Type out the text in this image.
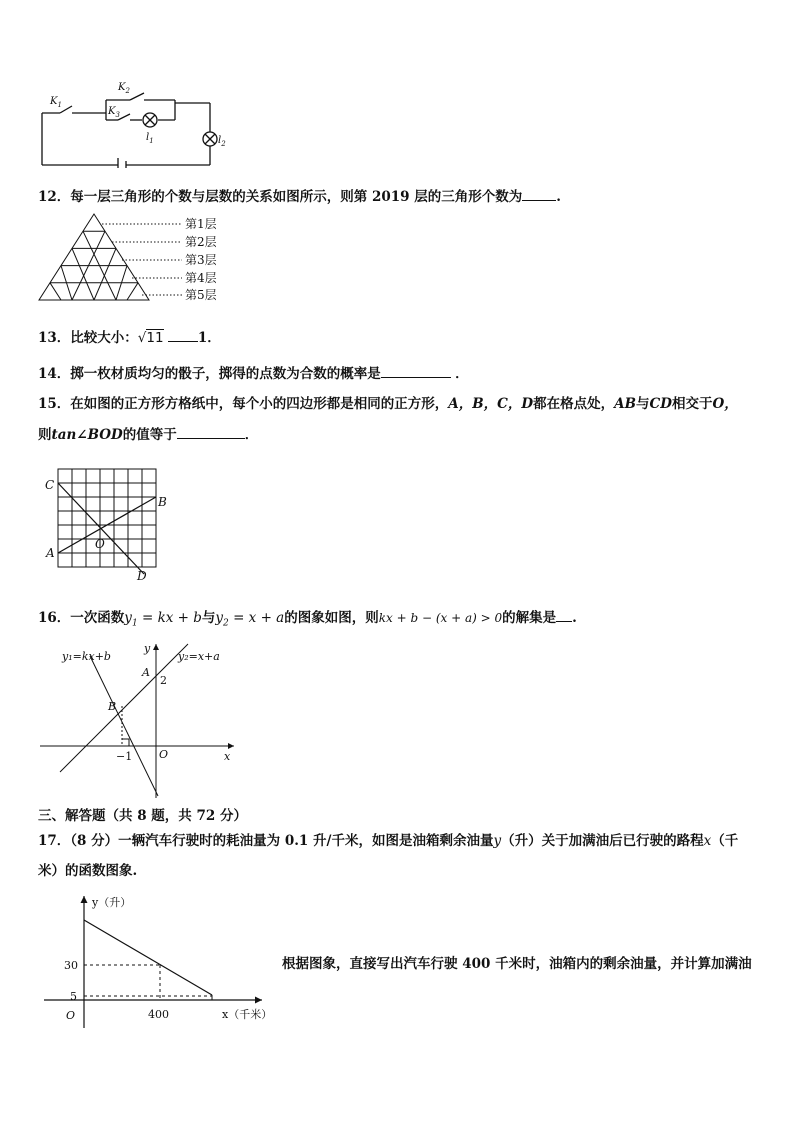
$K_1$
$K_2$
$K_3$
$l_1$	$l_2$
12．每一层三角形的个数与层数的关系如图所示，则第 2019 层的三角形个数为	.
第1层
第2层
第3层
第4层
第5层
13．比较大小：√11	1．
14．掷一枚材质均匀的骰子，掷得的点数为合数的概率是	．
15．在如图的正方形方格纸中，每个小的四边形都是相同的正方形，A，B，C，D都在格点处，AB与CD相交于O，
则tan∠BOD的值等于	．
C
B
A
O
D
16．一次函数$y_1$ = kx + b与$y_2 = x + a$的图象如图，则kx + b − (x + a) > 0的解集是 .
y₁=kx+b	y₂=x+a
y
x
A
B
O
2
−1
三、解答题（共 8 题，共 72 分）
17．（8 分）一辆汽车行驶时的耗油量为 0.1 升/千米，如图是油箱剩余油量y（升）关于加满油后已行驶的路程x（千
米）的函数图象.
y（升）
x（千米）
O
30
5
400
根据图象，直接写出汽车行驶 400 千米时，油箱内的剩余油量，并计算加满油
